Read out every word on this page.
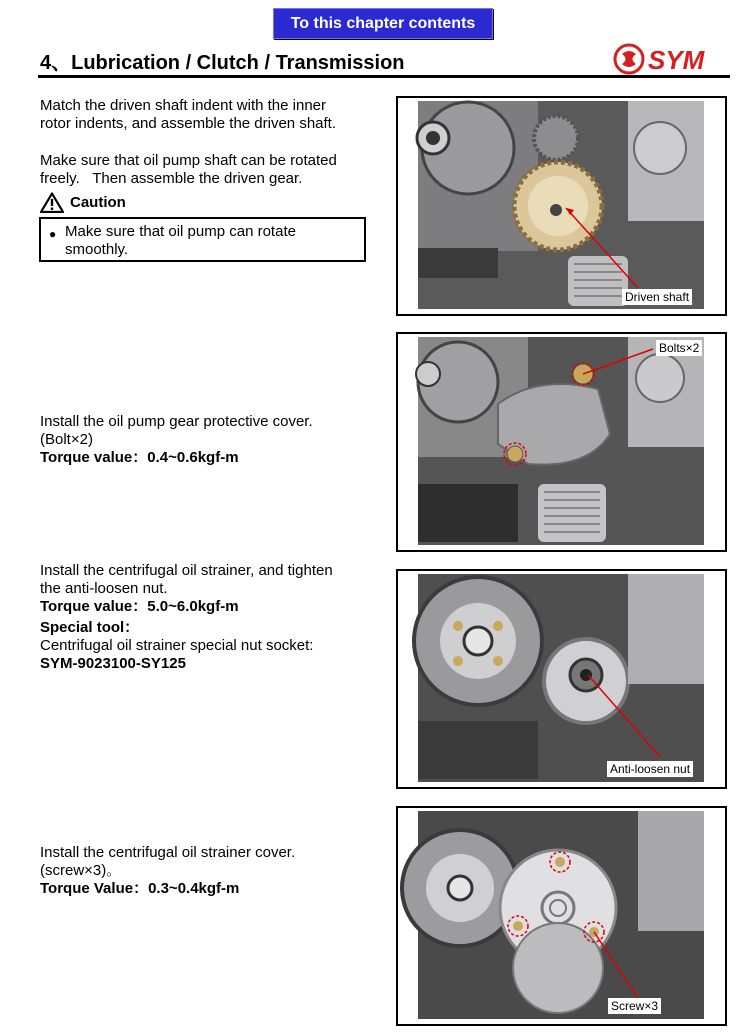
To this chapter contents
4、Lubrication / Clutch / Transmission	SYM
Match the driven shaft indent with the inner
rotor indents, and assemble the driven shaft.
Make sure that oil pump shaft can be rotated
freely.   Then assemble the driven gear.
Caution
● Make sure that oil pump can rotate
smoothly.
Driven shaft
Install the oil pump gear protective cover.
(Bolt×2)
Torque value：0.4~0.6kgf-m
Bolts×2
Install the centrifugal oil strainer, and tighten
the anti-loosen nut.
Torque value：5.0~6.0kgf-m
Special tool：
Centrifugal oil strainer special nut socket:
SYM-9023100-SY125
Anti-loosen nut
Install the centrifugal oil strainer cover.
(screw×3)。
Torque Value：0.3~0.4kgf-m
Screw×3
